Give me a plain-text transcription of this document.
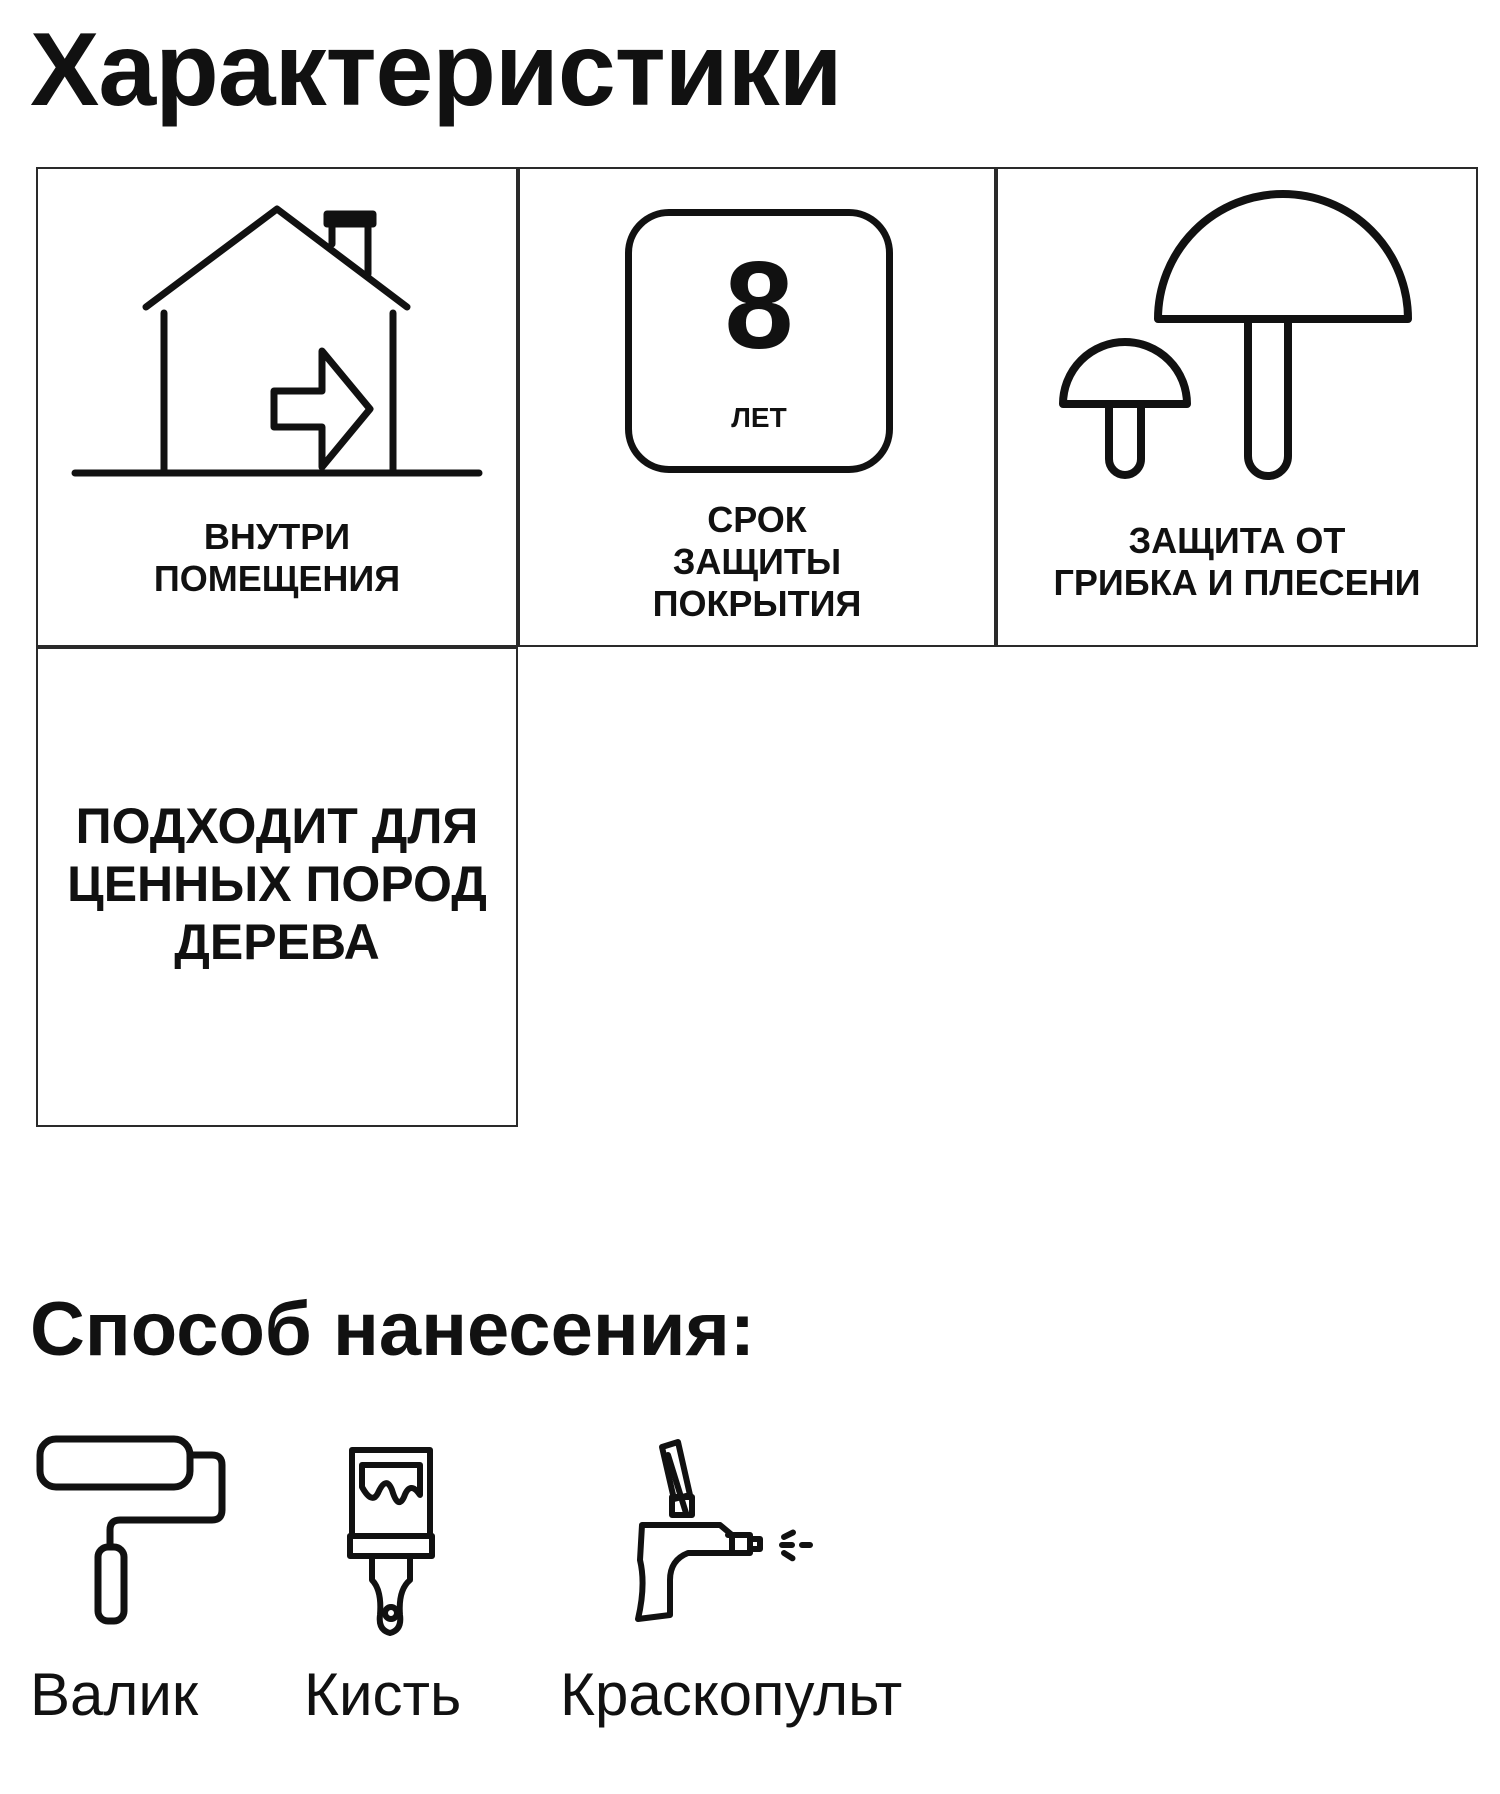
Характеристики
ВНУТРИ
ПОМЕЩЕНИЯ
8
ЛЕТ
СРОК
ЗАЩИТЫ
ПОКРЫТИЯ
ЗАЩИТА ОТ
ГРИБКА И ПЛЕСЕНИ
ПОДХОДИТ ДЛЯ
ЦЕННЫХ ПОРОД
ДЕРЕВА
Способ нанесения:
Валик Кисть Краскопульт
